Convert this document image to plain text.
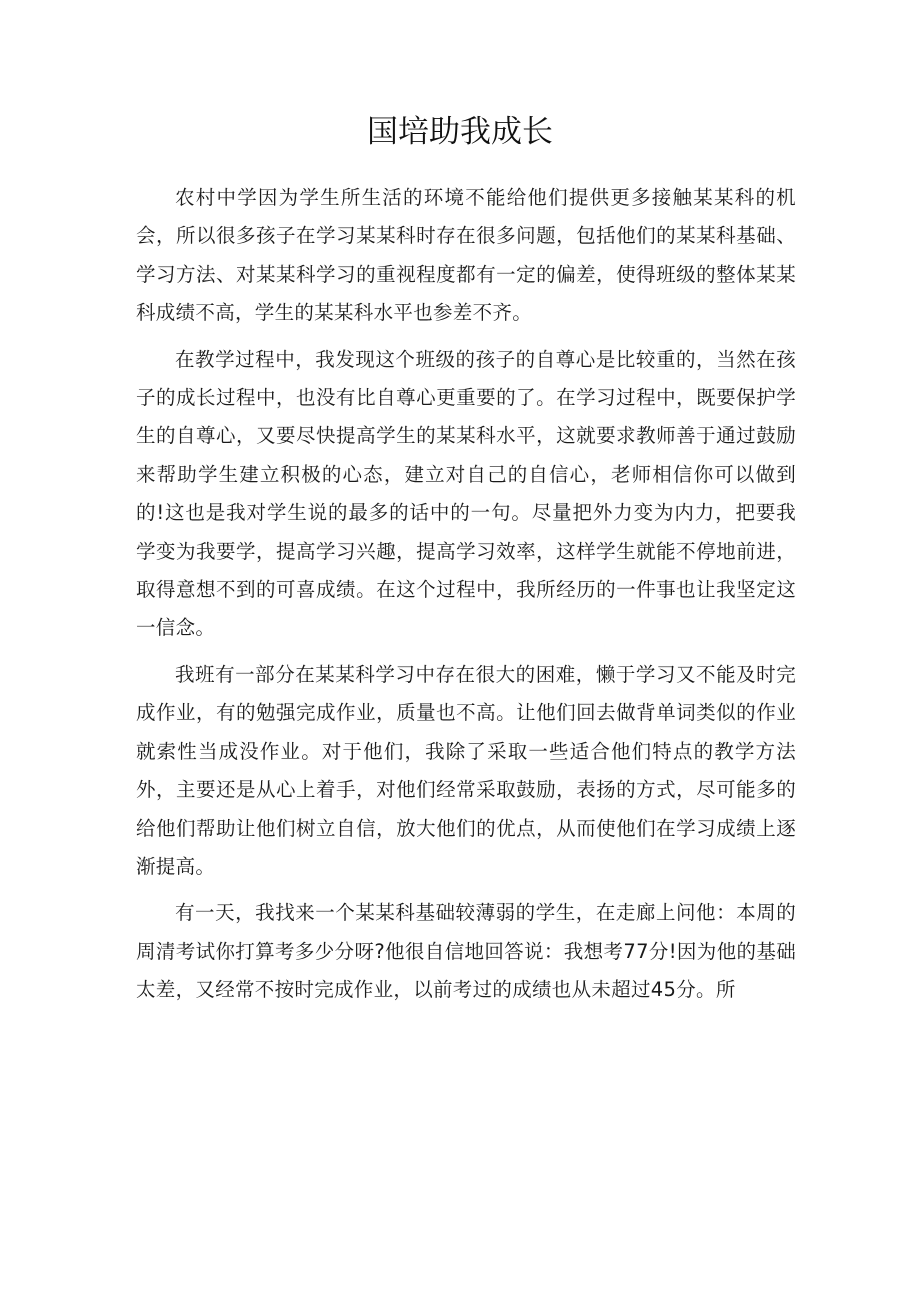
国培助我成长

农村中学因为学生所生活的环境不能给他们提供更多接触某某科的机会，所以很多孩子在学习某某科时存在很多问题，包括他们的某某科基础、学习方法、对某某科学习的重视程度都有一定的偏差，使得班级的整体某某科成绩不高，学生的某某科水平也参差不齐。

在教学过程中，我发现这个班级的孩子的自尊心是比较重的，当然在孩子的成长过程中，也没有比自尊心更重要的了。在学习过程中，既要保护学生的自尊心，又要尽快提高学生的某某科水平，这就要求教师善于通过鼓励来帮助学生建立积极的心态，建立对自己的自信心，老师相信你可以做到的!这也是我对学生说的最多的话中的一句。尽量把外力变为内力，把要我学变为我要学，提高学习兴趣，提高学习效率，这样学生就能不停地前进，取得意想不到的可喜成绩。在这个过程中，我所经历的一件事也让我坚定这一信念。

我班有一部分在某某科学习中存在很大的困难，懒于学习又不能及时完成作业，有的勉强完成作业，质量也不高。让他们回去做背单词类似的作业就索性当成没作业。对于他们，我除了采取一些适合他们特点的教学方法外，主要还是从心上着手，对他们经常采取鼓励，表扬的方式，尽可能多的给他们帮助让他们树立自信，放大他们的优点，从而使他们在学习成绩上逐渐提高。

有一天，我找来一个某某科基础较薄弱的学生，在走廊上问他：本周的周清考试你打算考多少分呀?他很自信地回答说：我想考77分!因为他的基础太差，又经常不按时完成作业，以前考过的成绩也从未超过45分。所
